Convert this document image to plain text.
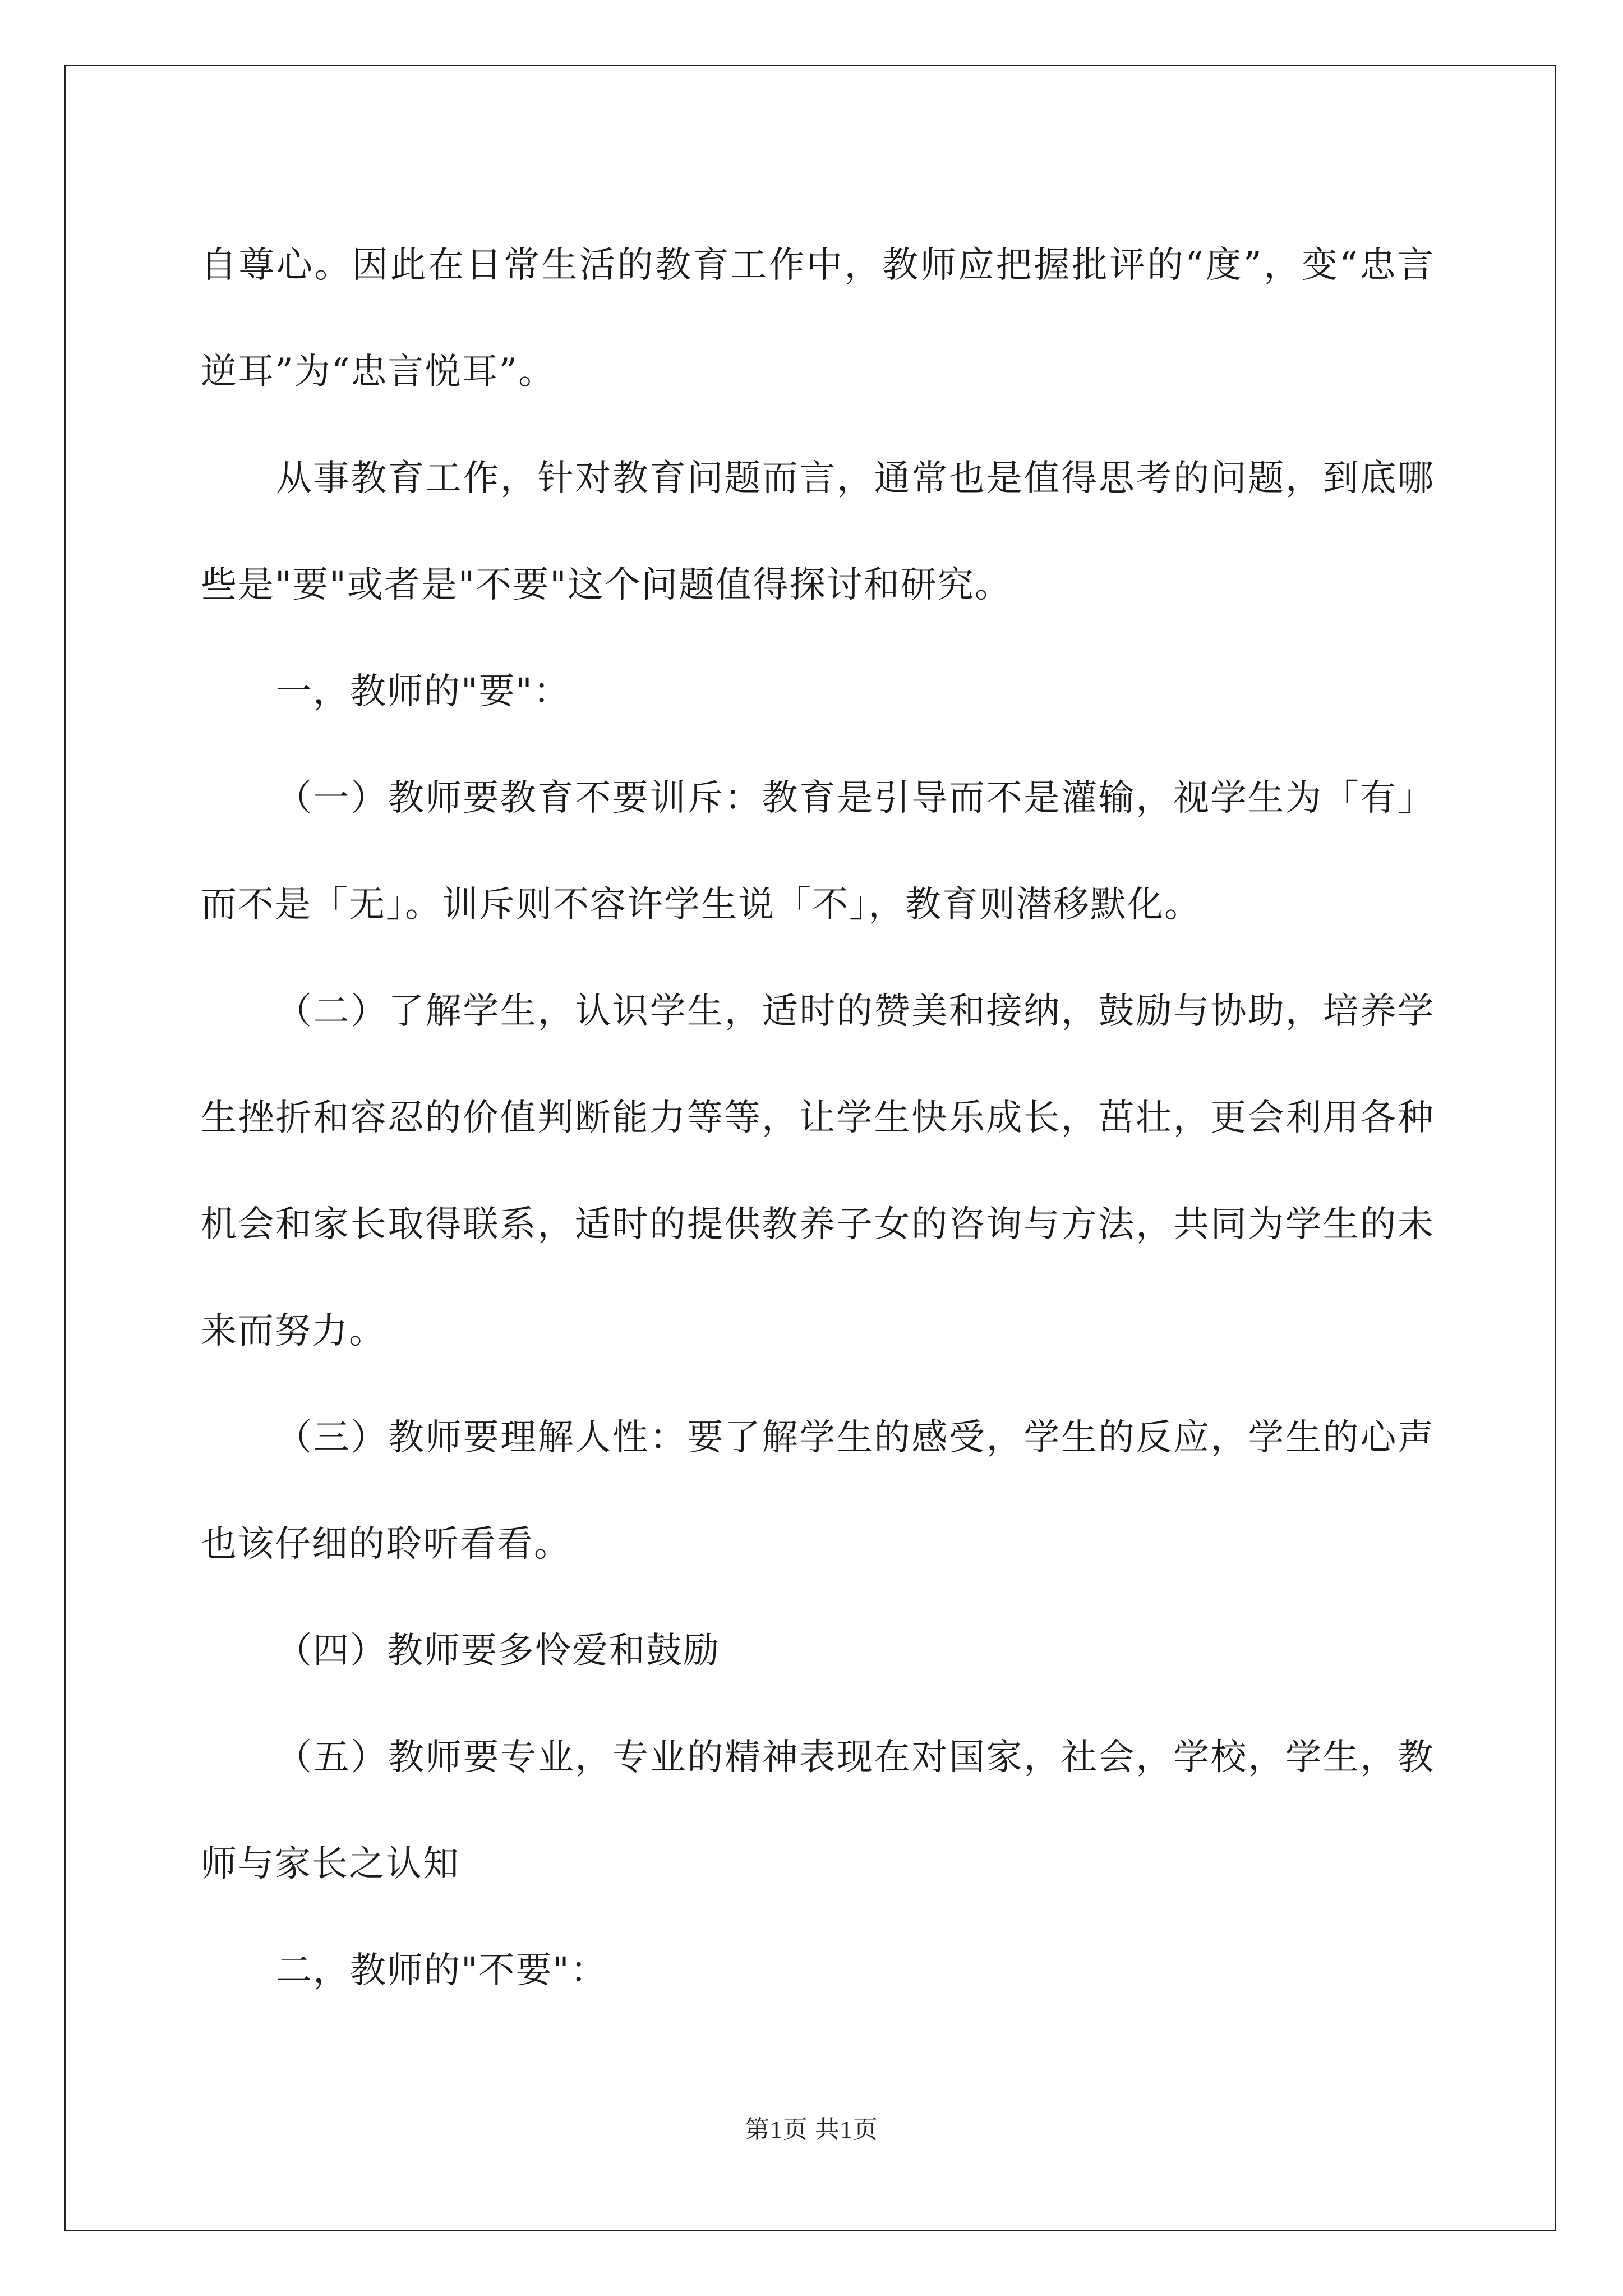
自尊心。因此在日常生活的教育工作中，教师应把握批评的“度”，变“忠言逆耳”为“忠言悦耳”。

从事教育工作，针对教育问题而言，通常也是值得思考的问题，到底哪些是"要"或者是"不要"这个问题值得探讨和研究。

一，教师的"要"：

（一）教师要教育不要训斥：教育是引导而不是灌输，视学生为「有」而不是「无」。训斥则不容许学生说「不」，教育则潜移默化。

（二）了解学生，认识学生，适时的赞美和接纳，鼓励与协助，培养学生挫折和容忍的价值判断能力等等，让学生快乐成长，茁壮，更会利用各种机会和家长取得联系，适时的提供教养子女的咨询与方法，共同为学生的未来而努力。

（三）教师要理解人性：要了解学生的感受，学生的反应，学生的心声也该仔细的聆听看看。

（四）教师要多怜爱和鼓励

（五）教师要专业，专业的精神表现在对国家，社会，学校，学生，教师与家长之认知

二，教师的"不要"：

第1页 共1页
